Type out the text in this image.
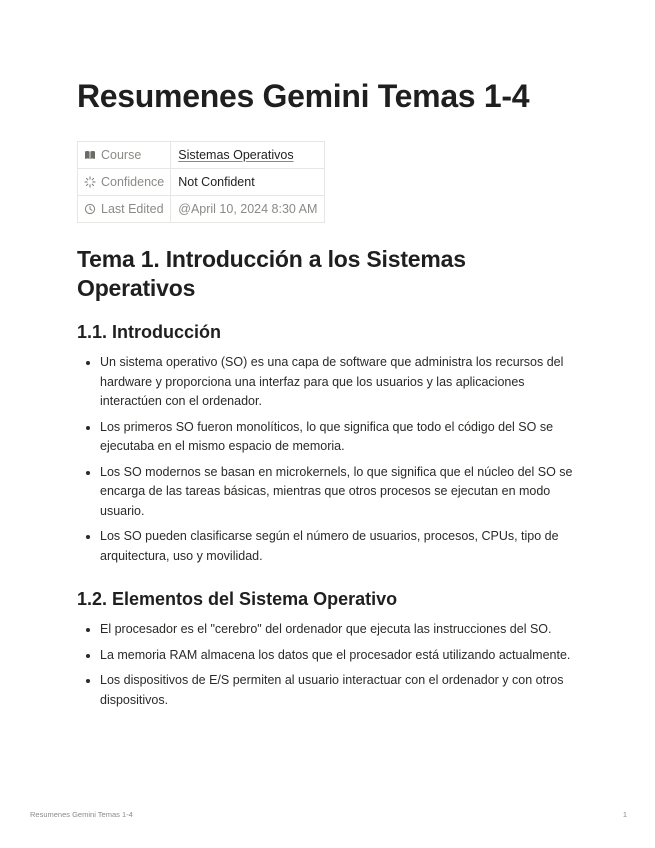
Resumenes Gemini Temas 1-4
Course	Sistemas Operativos
Confidence	Not Confident
Last Edited	@April 10, 2024 8:30 AM
Tema 1. Introducción a los Sistemas Operativos
1.1. Introducción
Un sistema operativo (SO) es una capa de software que administra los recursos del hardware y proporciona una interfaz para que los usuarios y las aplicaciones interactúen con el ordenador.
Los primeros SO fueron monolíticos, lo que significa que todo el código del SO se ejecutaba en el mismo espacio de memoria.
Los SO modernos se basan en microkernels, lo que significa que el núcleo del SO se encarga de las tareas básicas, mientras que otros procesos se ejecutan en modo usuario.
Los SO pueden clasificarse según el número de usuarios, procesos, CPUs, tipo de arquitectura, uso y movilidad.
1.2. Elementos del Sistema Operativo
El procesador es el "cerebro" del ordenador que ejecuta las instrucciones del SO.
La memoria RAM almacena los datos que el procesador está utilizando actualmente.
Los dispositivos de E/S permiten al usuario interactuar con el ordenador y con otros dispositivos.
Resumenes Gemini Temas 1-4	1
